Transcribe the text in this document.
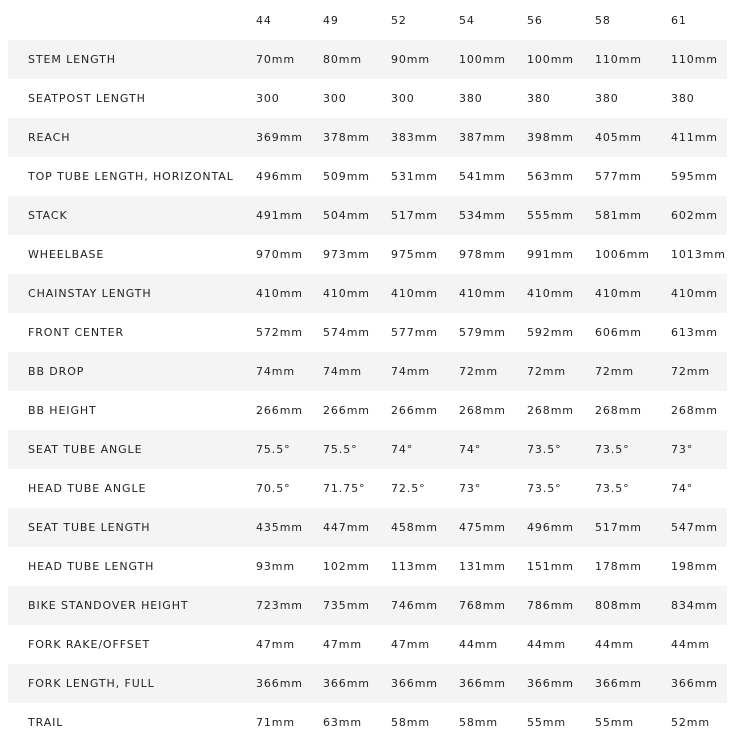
44	49	52	54	56	58	61
STEM LENGTH	70mm	80mm	90mm	100mm 100mm 110mm	110mm
SEATPOST LENGTH	300	300	300	380	380	380	380
REACH	369mm 378mm 383mm 387mm 398mm 405mm	411mm
TOP TUBE LENGTH, HORIZONTAL 496mm 509mm 531mm 541mm 563mm 577mm	595mm
STACK	491mm 504mm 517mm 534mm 555mm 581mm	602mm
WHEELBASE	970mm 973mm 975mm 978mm 991mm 1006mm 1013mm
CHAINSTAY LENGTH	410mm 410mm 410mm 410mm 410mm 410mm	410mm
FRONT CENTER	572mm 574mm 577mm 579mm 592mm 606mm	613mm
BB DROP	74mm	74mm	74mm	72mm	72mm	72mm	72mm
BB HEIGHT	266mm 266mm 266mm 268mm 268mm 268mm	268mm
SEAT TUBE ANGLE	75.5°	75.5°	74°	74°	73.5°	73.5°	73°
HEAD TUBE ANGLE	70.5°	71.75° 72.5°	73°	73.5°	73.5°	74°
SEAT TUBE LENGTH	435mm 447mm 458mm 475mm 496mm 517mm	547mm
HEAD TUBE LENGTH	93mm	102mm 113mm 131mm 151mm 178mm	198mm
BIKE STANDOVER HEIGHT	723mm 735mm 746mm 768mm 786mm 808mm	834mm
FORK RAKE/OFFSET	47mm	47mm	47mm	44mm	44mm	44mm	44mm
FORK LENGTH, FULL	366mm 366mm 366mm 366mm 366mm 366mm	366mm
TRAIL	71mm	63mm	58mm	58mm	55mm	55mm	52mm
